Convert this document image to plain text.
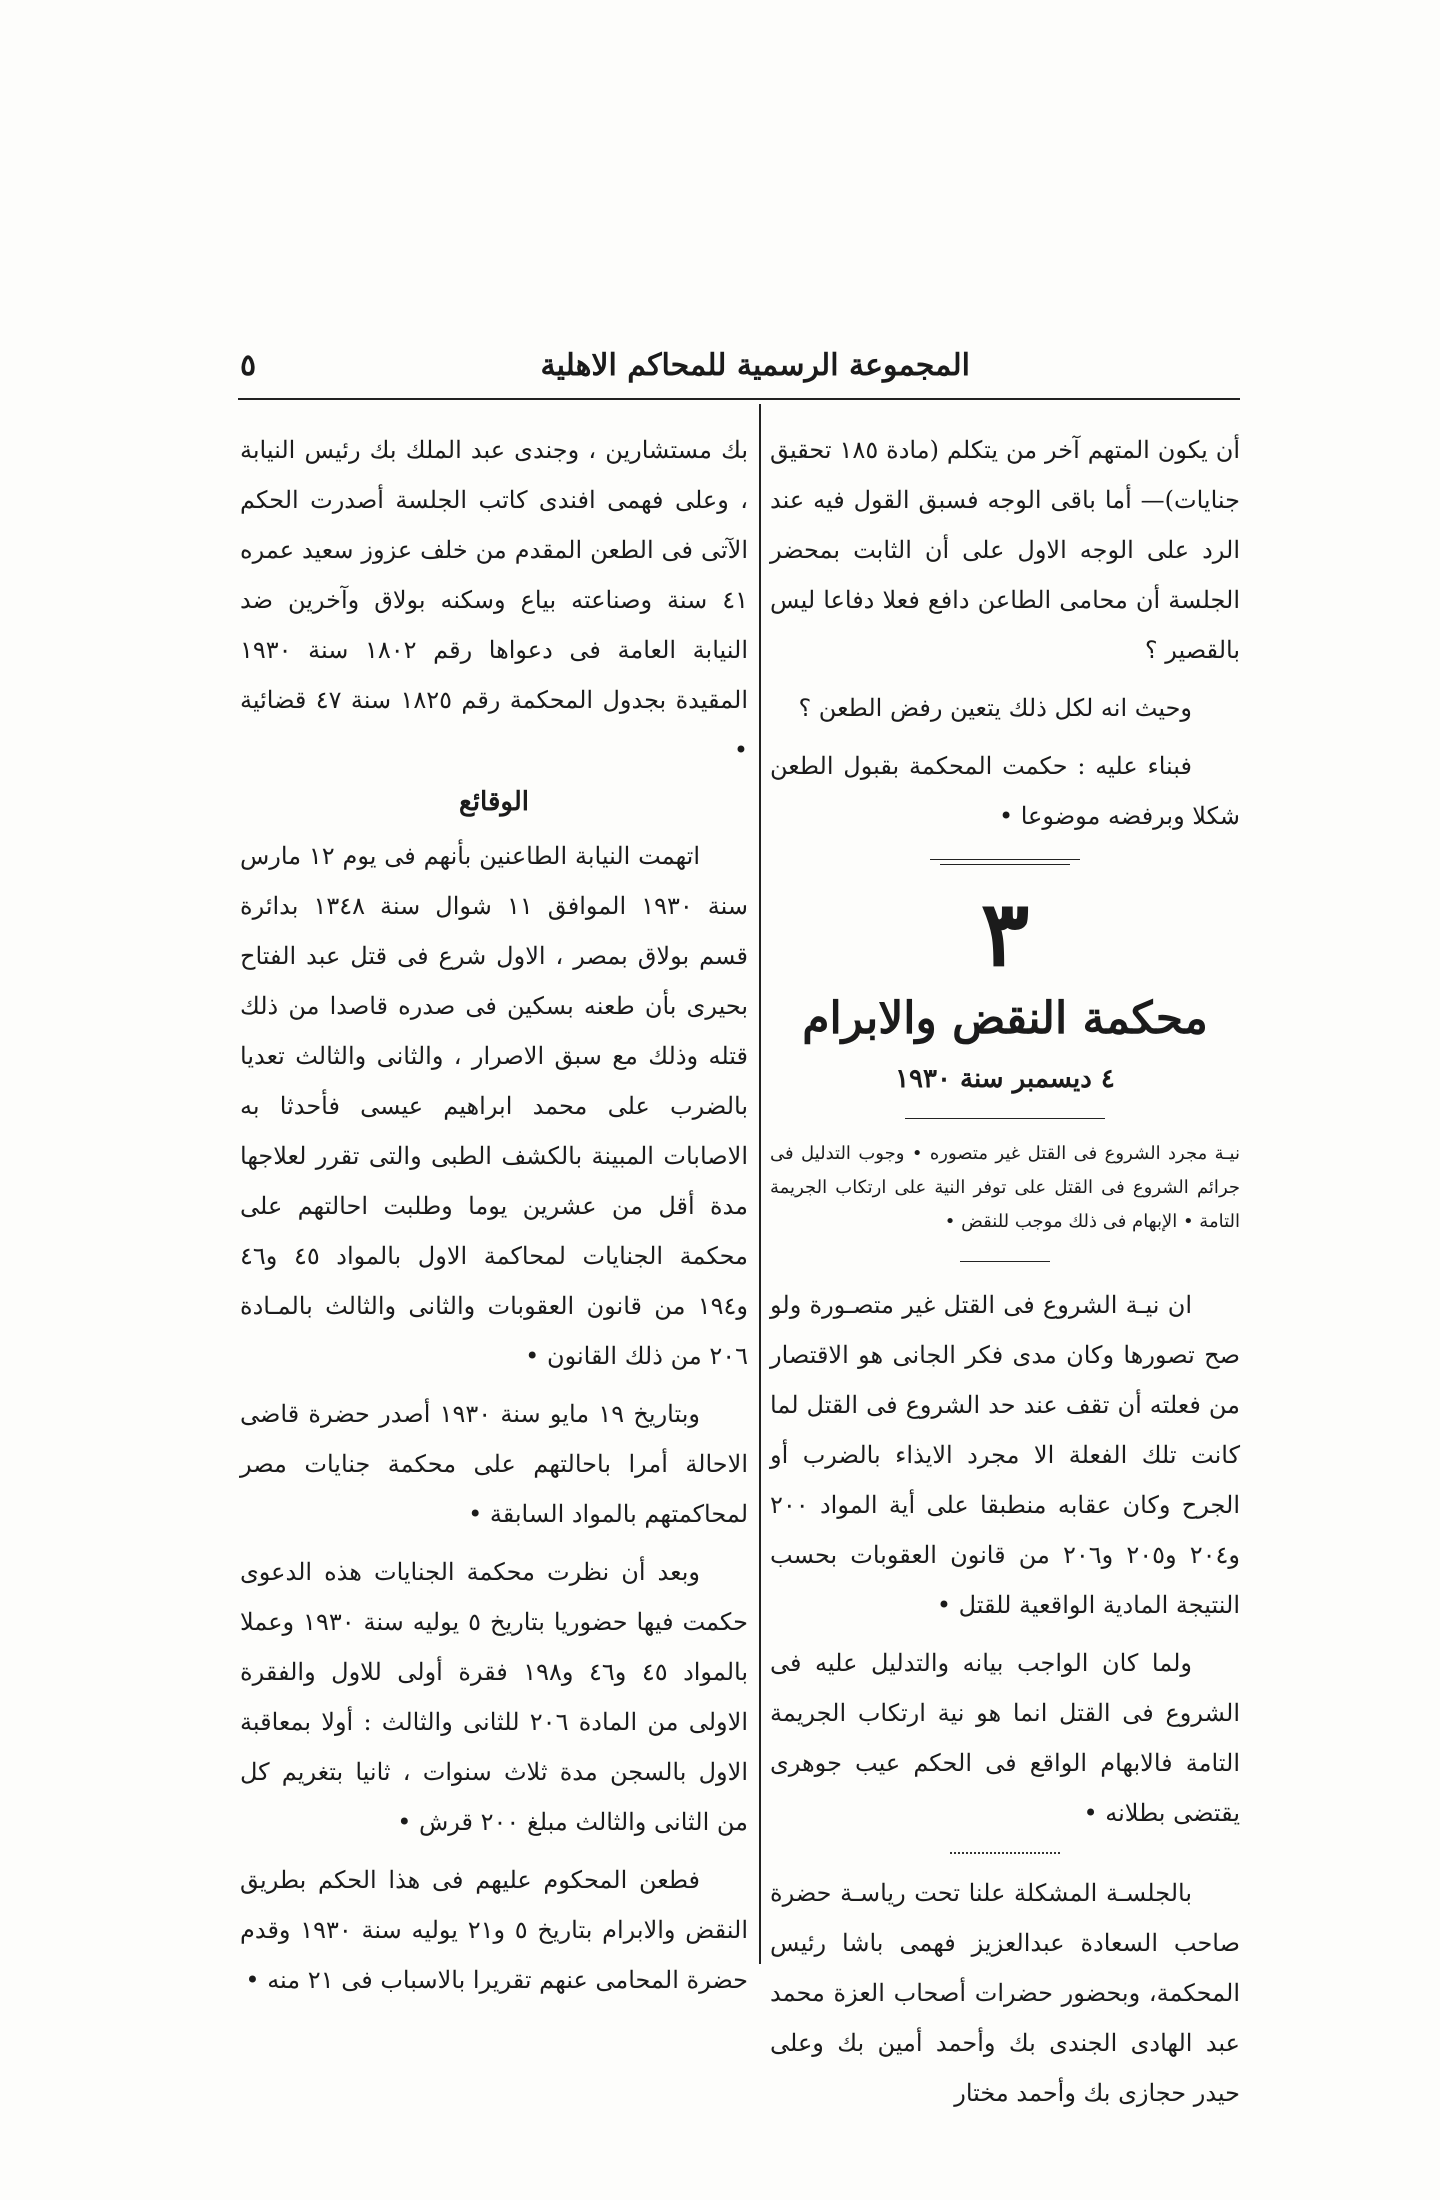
المجموعة الرسمية للمحاكم الاهلية
٥

أن يكون المتهم آخر من يتكلم (مادة ١٨٥ تحقيق جنايات)— أما باقى الوجه فسبق القول فيه عند الرد على الوجه الاول على أن الثابت بمحضر الجلسة أن محامى الطاعن دافع فعلا دفاعا ليس بالقصير ؟

وحيث انه لكل ذلك يتعين رفض الطعن ؟

فبناء عليه : حكمت المحكمة بقبول الطعن شكلا وبرفضه موضوعا •

٣
محكمة النقض والابرام
٤ ديسمبر سنة ١٩٣٠

نيـة مجرد الشروع فى القتل غير متصوره • وجوب التدليل فى جرائم الشروع فى القتل على توفر النية على ارتكاب الجريمة التامة • الإبهام فى ذلك موجب للنقض •

ان نيـة الشروع فى القتل غير متصـورة ولو صح تصورها وكان مدى فكر الجانى هو الاقتصار من فعلته أن تقف عند حد الشروع فى القتل لما كانت تلك الفعلة الا مجرد الايذاء بالضرب أو الجرح وكان عقابه منطبقا على أية المواد ٢٠٠ و٢٠٤ و٢٠٥ و٢٠٦ من قانون العقوبات بحسب النتيجة المادية الواقعية للقتل •

ولما كان الواجب بيانه والتدليل عليه فى الشروع فى القتل انما هو نية ارتكاب الجريمة التامة فالابهام الواقع فى الحكم عيب جوهرى يقتضى بطلانه •

بالجلسـة المشكلة علنا تحت رياسـة حضرة صاحب السعادة عبدالعزيز فهمى باشا رئيس المحكمة، وبحضور حضرات أصحاب العزة محمد عبد الهادى الجندى بك وأحمد أمين بك وعلى حيدر حجازى بك وأحمد مختار

بك مستشارين ، وجندى عبد الملك بك رئيس النيابة ، وعلى فهمى افندى كاتب الجلسة أصدرت الحكم الآتى فى الطعن المقدم من خلف عزوز سعيد عمره ٤١ سنة وصناعته بياع وسكنه بولاق وآخرين ضد النيابة العامة فى دعواها رقم ١٨٠٢ سنة ١٩٣٠ المقيدة بجدول المحكمة رقم ١٨٢٥ سنة ٤٧ قضائية •

الوقائع

اتهمت النيابة الطاعنين بأنهم فى يوم ١٢ مارس سنة ١٩٣٠ الموافق ١١ شوال سنة ١٣٤٨ بدائرة قسم بولاق بمصر ، الاول شرع فى قتل عبد الفتاح بحيرى بأن طعنه بسكين فى صدره قاصدا من ذلك قتله وذلك مع سبق الاصرار ، والثانى والثالث تعديا بالضرب على محمد ابراهيم عيسى فأحدثا به الاصابات المبينة بالكشف الطبى والتى تقرر لعلاجها مدة أقل من عشرين يوما وطلبت احالتهم على محكمة الجنايات لمحاكمة الاول بالمواد ٤٥ و٤٦ و١٩٤ من قانون العقوبات والثانى والثالث بالمـادة ٢٠٦ من ذلك القانون •

وبتاريخ ١٩ مايو سنة ١٩٣٠ أصدر حضرة قاضى الاحالة أمرا باحالتهم على محكمة جنايات مصر لمحاكمتهم بالمواد السابقة •

وبعد أن نظرت محكمة الجنايات هذه الدعوى حكمت فيها حضوريا بتاريخ ٥ يوليه سنة ١٩٣٠ وعملا بالمواد ٤٥ و٤٦ و١٩٨ فقرة أولى للاول والفقرة الاولى من المادة ٢٠٦ للثانى والثالث : أولا بمعاقبة الاول بالسجن مدة ثلاث سنوات ، ثانيا بتغريم كل من الثانى والثالث مبلغ ٢٠٠ قرش •

فطعن المحكوم عليهم فى هذا الحكم بطريق النقض والابرام بتاريخ ٥ و٢١ يوليه سنة ١٩٣٠ وقدم حضرة المحامى عنهم تقريرا بالاسباب فى ٢١ منه •
